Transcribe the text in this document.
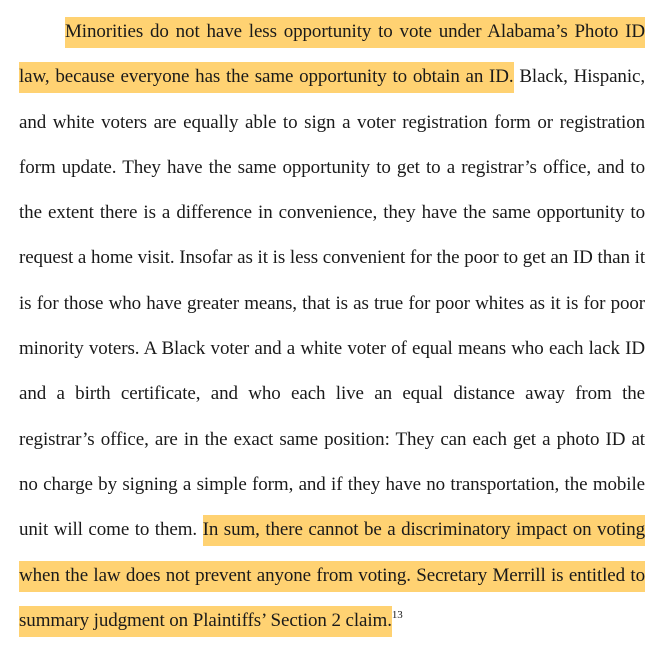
Minorities do not have less opportunity to vote under Alabama’s Photo ID law, because everyone has the same opportunity to obtain an ID. Black, Hispanic, and white voters are equally able to sign a voter registration form or registration form update. They have the same opportunity to get to a registrar’s office, and to the extent there is a difference in convenience, they have the same opportunity to request a home visit. Insofar as it is less convenient for the poor to get an ID than it is for those who have greater means, that is as true for poor whites as it is for poor minority voters. A Black voter and a white voter of equal means who each lack ID and a birth certificate, and who each live an equal distance away from the registrar’s office, are in the exact same position: They can each get a photo ID at no charge by signing a simple form, and if they have no transportation, the mobile unit will come to them. In sum, there cannot be a discriminatory impact on voting when the law does not prevent anyone from voting. Secretary Merrill is entitled to summary judgment on Plaintiffs’ Section 2 claim.$^{13}$
